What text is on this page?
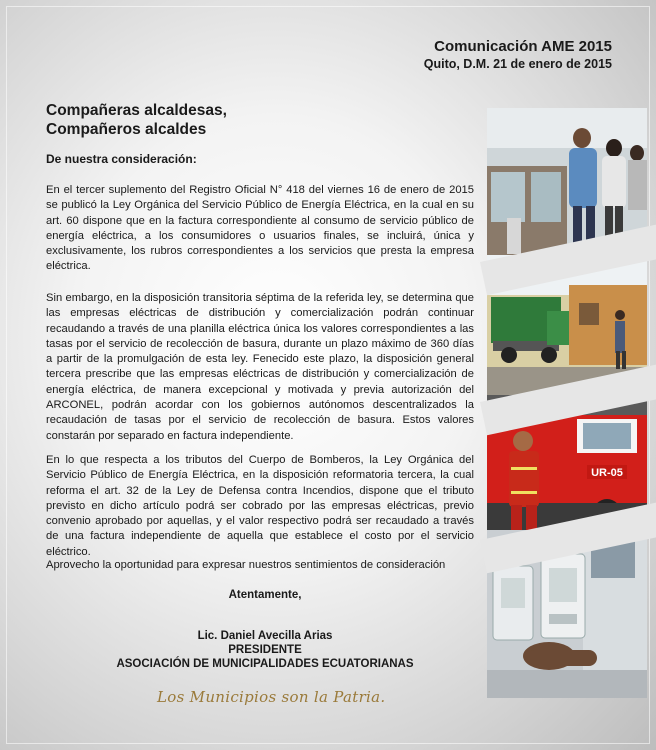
Comunicación AME 2015
Quito, D.M. 21 de enero de 2015
Compañeras alcaldesas,
Compañeros alcaldes
De nuestra consideración:

En el tercer suplemento del Registro Oficial N° 418 del viernes 16 de enero de 2015 se publicó la Ley Orgánica del Servicio Público de Energía Eléctrica, en la cual en su art. 60 dispone que en la factura correspondiente al consumo de servicio público de energía eléctrica, a los consumidores o usuarios finales, se incluirá, única y exclusivamente, los rubros correspondientes a los servicios que presta la empresa eléctrica.

Sin embargo, en la disposición transitoria séptima de la referida ley, se determina que las empresas eléctricas de distribución y comercialización podrán continuar recaudando a través de una planilla eléctrica única los valores correspondientes a las tasas por el servicio de recolección de basura, durante un plazo máximo de 360 días a partir de la promulgación de esta ley. Fenecido este plazo, la disposición general tercera prescribe que las empresas eléctricas de distribución y comercialización de energía eléctrica, de manera excepcional y motivada y previa autorización del ARCONEL, podrán acordar con los gobiernos autónomos descentralizados la recaudación de tasas por el servicio de recolección de basura. Estos valores constarán por separado en factura independiente.

En lo que respecta a los tributos del Cuerpo de Bomberos, la Ley Orgánica del Servicio Público de Energía Eléctrica, en la disposición reformatoria tercera, la cual reforma el art. 32 de la Ley de Defensa contra Incendios, dispone que el tributo previsto en dicho artículo podrá ser cobrado por las empresas eléctricas, previo convenio aprobado por aquellas, y el valor respectivo podrá ser recaudado a través de una factura independiente de aquella que establece el costo por el servicio eléctrico.

Aprovecho la oportunidad para expresar nuestros sentimientos de consideración

Atentamente,
Lic. Daniel Avecilla Arias
PRESIDENTE
ASOCIACIÓN DE MUNICIPALIDADES ECUATORIANAS
Los Municipios son la Patria.
UR-05
